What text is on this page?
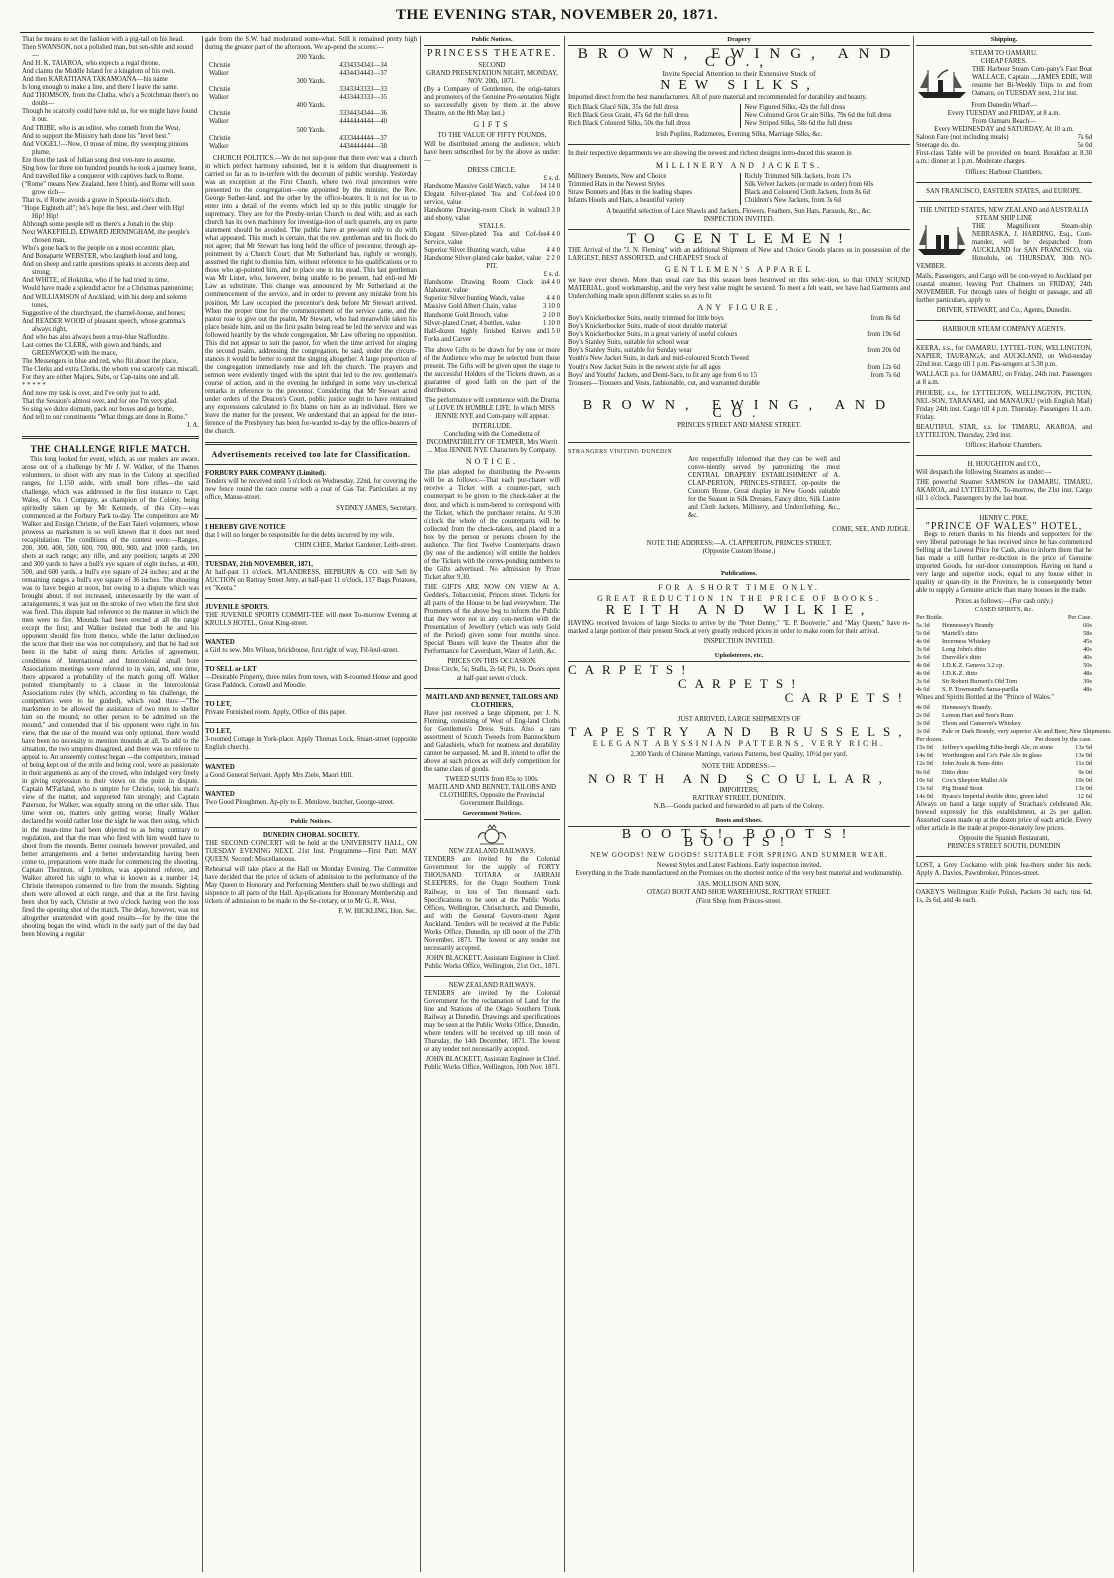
THE EVENING STAR, NOVEMBER 20, 1871.

That he means to set the fashion with a pig-tail on his head.

Then SWANSON, not a polished man, but sen-sible and sound—

And H. K. TAIAROA, who expects a regal throne,

And claims the Middle Island for a kingdom of his own.

And then KARAITIANA TAKAMOANA—his name

Is long enough to make a line, and there I leave the same.

And THOMSON, from the Clutha, who's a Scotchman there's no doubt—

Though he scarcely could have told us, for we might have found it out.

And TRIBE, who is an editor, who cometh from the West,

And to support the Ministry hath done his "level best."

And VOGEL!—Now, O muse of mine, thy sweeping pinions plume,

Ere thou the task of Julian song dost ven-ture to assume.

Sing how for three ton hundred pounds he took a journey home,

And travelled like a conqueror with captives back to Rome.

("Rome" means New Zealand, here I hint), and Rome will soon grow rich—

That is, if Rome avoids a grave in Specula-tion's ditch.

"Hope Eighteth all"; let's hope the best, and cheer with Hip! Hip! Hip!

Although some people tell us there's a Jonah in the ship

Next WAKEFIELD, EDWARD JERNINGHAM, the people's chosen man,

Who's gone back to the people on a most eccentric plan,

And Bonaparte WEBSTER, who laugheth loud and long,

And on sheep and cattle questions speaks in accents deep and strong;

And WHITE, of Hokitika, who if he had tried in time,

Would have made a splendid actor for a Christmas pantomime;

And WILLIAMSON of Auckland, with his deep and solemn tones,

Suggestive of the churchyard, the charnel-house, and bones;

And READER WOOD of pleasant speech, whose gramma's always right,

And who has also always been a true-blue Stafforditе.

Last comes the CLERK, with gown and bands, and GREENWOOD with the mace,

The Messengers in blue and red, who flit about the place,

The Clerks and extra Clerks, the whom you scarcely can miscall,

For they are either Majors, Subs, or Cap-tains one and all.

* * * * *

And now my task is over, and I've only just to add,

That the Session's almost over, and for one I'm very glad.

So sing we dulce domum, pack our boxes and go home,

And tell to our constituents "What things are done in Rome."

J. A.

THE CHALLENGE RIFLE MATCH.

This long looked for event, which, as our readers are aware, arose out of a challenge by Mr J. W. Walker, of the Thames volunteers, to shoot with any man in the Colony at specified ranges, for L150 aside, with small bore rifles—the said challenge, which was addressed in the first instance to Capt. Wales, of No. 1 Company, as champion of the Colony, being spiritedly taken up by Mr Kennedy, of this City—was commenced at the Forbury Park to-day. The competitors are Mr Walker and Ensign Christie, of the East Taieri volunteers, whose prowess as marksmen is so well known that it does not need recapitulation. The conditions of the contest were:—Ranges, 200, 300, 400, 500, 600, 700, 800, 900, and 1000 yards, ten shots at each range; any rifle, and any position; targets at 200 and 300 yards to have a bull's eye square of eight inches, at 400, 500, and 600 yards, a bull's eye square of 24 inches; and at the remaining ranges a bull's eye square of 36 inches. The shooting was to have begun at noon, but owing to a dispute which was brought about, if not increased, unnecessarily by the want of arrangements, it was just on the stroke of two when the first shot was fired. This dispute had reference to the manner in which the men were to fire. Mounds had been erected at all the range except the first; and Walker insisted that both he and his opponent should fire from thence, while the latter declined,on the score that their use was not compulsory, and that he had not been in the habit of using them. Articles of agreement, conditions of International and Intercolonial small bore Associations meetings were referred to in vain, and, one time, there appeared a probability of the match going off. Walker pointed triumphantly to a clause in the Intercolonial Associations rules (by which, according to his challenge, the competitors were to be guided), which read thus:—"The marksmen to be allowed the assistance of two men to shelter him on the mound; no other person to be admitted on the mound," and contended that if his opponent were right in his view, that the use of the mound was only optional, there would have been no necessity to mention mounds at all. To add to the situation, the two umpires disagreed, and there was no referee to appeal to. An unseemly contest began —the competitors, instead of being kept out of the strife and being cool, were as passionate in their arguments as any of the crowd, who indulged very freely in giving expression to their views on the point in dispute. Captain M'Farland, who is umpire for Christie, took his man's view of the matter, and supported him strongly; and Captain Paterson, for Walker, was equally strong on the other side. Thus time went on, matters only getting worse; finally Walker declared he would rather lose the sight he was then using, which in the mean-time had been objected to as being contrary to regulation, and that the man who fired with him would have to shoot from the mounds. Better counsels however prevailed, and better arrangements and a better understanding having been come to, preparations were made for commencing the shooting. Captain Thornton, of Lyttelton, was appointed referee, and Walker altered his sight to what is known as a number 14; Christie thereupon consented to fire from the mounds. Sighting shots were allowed at each range, and that at the first having been shot by each, Christie at two o'clock having won the toss fired the opening shot of the match. The delay, however, was not altogether unattended with good results—for by the time the shooting began the wind, which in the early part of the day had been blowing a regular

gale from the S.W. had moderated some-what. Still it remained pretty high during the greater part of the afternoon. We ap-pend the scores:—

200 Yards.
Christie	4334334343—34
Walker	4434434443—37
300 Yards.
Christie	3343343333—33
Walker	4433443333—35
400 Yards.
Christie	3334434344—36
Walker	4444444444—40
500 Yards.
Christie	4333444444—37
Walker	4434444444—38

CHURCH POLITICS.—We do not sup-pose that there ever was a church in which perfect harmony subsisted, but it is seldom that disagreement is carried so far as to in-terfere with the decorum of public worship. Yesterday was an exception at the First Church, where two rival precentors were presented to the congregation—one appointed by the minister, the Rev. George Suther-land, and the other by the office-bearers. It is not for us to enter into a detail of the events which led up to this public struggle for supremacy. They are for the Presby-terian Church to deal with; and as each church has its own machinery for investiga-tion of such quarrels, any ex parte statement should be avoided. The public have at pre-sent only to do with what appeared. This much is certain, that the rev. gentleman and his flock do not agree; that Mr Stewart has long held the office of precentor, through ap-pointment by a Church Court; that Mr Sutherland has, rightly or wrongly, assumed the right to dismiss him, without reference to his qualifications or to those who ap-pointed him, and to place one in his stead. This last gentleman was Mr Lister, who, however, being unable to be present, had enli-ted Mr Law as substitute. This change was announced by Mr Sutherland at the commencement of the service, and in order to prevent any mistake from his position, Mr Law occupied the precentor's desk before Mr Stewart arrived. When the proper time for the commencement of the service came, and the pastor rose to give out the psalm, Mr Stewart, who had meanwhile taken his place beside him, and on the first psalm being read he led the service and was followed heartily by the whole congregation, Mr Law offering no opposition. This did not appear to suit the pastor, for when the time arrived for singing the second psalm, addressing the congregation, he said, under the circum-stances it would be better to omit the singing altogether. A large proportion of the congregation immediately rose and left the church. The prayers and sermon were evidently tinged with the spirit that led to the rev. gentleman's course of action, and in the evening he indulged in some very un-clerical remarks in reference to the precentor. Considering that Mr Stewart acted under orders of the Deacon's Court, public justice ought to have restrained any expressions calculated to fix blame on him as an individual. Here we leave the matter for the present. We understand that an appeal for the inter-ference of the Presbytery has been for-warded to-day by the office-bearers of the church.

Advertisements received too late for Classification.
FORBURY PARK COMPANY (Limited).

Tenders will be received until 5 o'clock on Wednesday, 22nd, for covering the new fence round the race course with a coat of Gas Tar. Particulars at my office, Manse-street.

SYDNEY JAMES, Secretary.

I HEREBY GIVE NOTICE

that I will no longer be responsible for the debts incurred by my wife.

CHIN CHEE, Market Gardener, Leith-street.

TUESDAY, 21th NOVEMBER, 1871,

At half-past 11 o'clock. M'LANDRESS, HEPBURN & CO. will Sell by AUCTION on Rattray Street Jetty, at half-past 11 o'clock, 117 Bags Potatoes, ex "Keera."

JUVENILE SPORTS.

THE JUVENILE SPORTS COMMIT-TEE will meet To-morrow Evening at KRULLS HOTEL, Great King-street.

WANTED

a Girl to sew. Mrs Wilson, brickhouse, first right of way, Fil-leul-street.

TO SELL or LET

—Desirable Property, three miles from town, with 8-roomed House and good Grass Paddock. Connell and Moodie.

TO LET,

Private Furnished room. Apply, Office of this paper.

TO LET,

3-roomed Cottage in York-place. Apply Thomas Lock, Stuart-street (opposite English church).

WANTED

a Good General Servant. Apply Mrs Ziele, Maori Hill.

WANTED

Two Good Ploughmen. Ap-ply to E. Menlove, butcher, George-street.

Public Notices.
DUNEDIN CHORAL SOCIETY.

THE SECOND CONCERT will be held at the UNIVERSITY HALL, ON TUESDAY EVENING NEXT, 21st Inst. Programme—First Part: MAY QUEEN. Second: Miscellaneous.

Rehearsal will take place at the Hall on Monday Evening. The Committee have decided that the price of tickets of admission to the performance of the May Queen to Honorary and Performing Members shall be two shillings and sixpence to all parts of the Hall. Ap-plications for Honorary Membership and tickets of admission to be made to the Se-cretary, or to Mr G. R. West.

F. W. HICKLING, Hon. Sec.

Public Notices.
PRINCESS THEATRE.
SECOND
GRAND PRESENTATION NIGHT, MONDAY, NOV. 20th, 1871.

(By a Company of Gentlemen, the origi-nators and promoters of the Genuine Pre-sentation Night so successfully given by them at the above Theatre, on the 8th May last.)

GIFTS
TO THE VALUE OF FIFTY POUNDS,

Will be distributed among the audience, which have been subscribed for by the above as under:—

DRESS CIRCLE.
£ s. d.
Handsome Massive Gold Watch, value 14 14 0
Elegant Silver-plated Tea and Cof-fee service, value
4 10 0
Handsome Drawing-room Clock in walnut and ebony, value
3 3 0
STALLS.
Elegant Silver-plated Tea and Cof-fee Service, value
4 4 0
Superior Silver Hunting watch, value	4 4 0
Handsome Silver-plated cake basket, value 2 2 0
PIT.
£ s. d.
Handsome Drawing Room Clock in Alabaster, value
4 4 0
Superior Silver hunting Watch, value	4 4 0
Massive Gold Albert Chain, value	3 10 0
Handsome Gold Brooch, value	2 10 0
Silver-plated Cruet, 4 bottles, value	1 10 0
Half-dozen highly finished Knives and Forks and Carver
1 5 0

The above Gifts to be drawn for by one or more of the Audience who may be selected from those present. The Gifts will be given upon the stage to the successful Holders of the Tickets drawn, as a guarantee of good faith on the part of the distributors.

The performance will commence with the Drama of LOVE IN HUMBLE LIFE. In which MISS JENNIE NYE and Com-pany will appear.

INTERLUDE.

Concluding with the Comedietta of INCOMPATIBILITY OF TEMPER, Mrs Worrit ... Miss JENNIE NYE Characters by Company.

NOTICE.

The plan adopted for distributing the Pre-sents will be as follows:—That each pur-chaser will receive a Ticket with a counter-part, such counterpart to be given to the check-taker at the door, and which is num-bered to correspond with the Ticket, which the purchaser retains. At 9.30 o'clock the whole of the counterparts will be collected from the check-takers, and placed in a box by the person or persons chosen by the audience. The first Twelve Counterparts drawn (by one of the audience) will entitle the holders of the Tickets with the corres-ponding numbers to the Gifts advertised. No admission by Prize Ticket after 9.30.

THE GIFTS ARE NOW ON VIEW At A. Geddes's, Tobacconist, Princes street. Tickets for all parts of the House to be had everywhere. The Promoters of the above beg to inform the Public that they were not in any con-nection with the Presentation of Jewellery (which was only Gold of the Period) given some four months since. Special 'Buses will leave the Theatre after the Performance for Caversham, Water of Leith, &c.

PRICES ON THIS OCCASION.

Dress Circle, 5s; Stalls, 2s 6d; Pit, 1s. Doors open at half-past seven o'clock.

MAITLAND AND BENNET, TAILORS AND CLOTHIERS,

Have just received a large shipment, per J. N. Fleming, consisting of West of Eng-land Cloths for Gentlemen's Dress Suits. Also a rare assortment of Scotch Tweeds from Bannockburn and Galashiels, which for neatness and durability cannot be surpassed. M. and B. intend to offer the above at such prices as will defy competition for the same class of goods.

TWEED SUITS from 85s to 100s.

MAITLAND AND BENNET, TAILORS AND CLOTHIERS, Opposite the Provincial Government Buildings.

Government Notices.
NEW ZEALAND RAILWAYS.

TENDERS are invited by the Colonial Government for the supply of FORTY THOUSAND TOTARA or JARRAH SLEEPERS, for the Otago Southern Trunk Railway, in lots of Ten thousand each. Specifications to be seen at the Public Works Offices, Wellington, Christchurch, and Dunedin, and with the General Govern-ment Agent Auckland. Tenders will be received at the Public Works Office, Dunedin, up till noon of the 27th November, 1871. The lowest or any tender not necessarily accepted.

JOHN BLACKETT, Assistant Engineer in Chief. Public Works Office, Wellington, 21st Oct., 1871.

NEW ZEALAND RAILWAYS.

TENDERS are invited by the Colonial Government for the reclamation of Land for the line and Stations of the Otago Southern Trunk Railway at Dunedin. Drawings and specifications may be seen at the Public Works Office, Dunedin, where tenders will be received up till noon of Thursday, the 14th December, 1871. The lowest or any tender not necessarily accepted.

JOHN BLACKETT, Assistant Engineer in Chief. Public Works Office, Wellington, 10th Nov. 1871.

Drapery
BROWN, EWING, AND CO.,
Invite Special Attention to their Extensive Stock of
NEW SILKS,

Imported direct from the best manufacturers. All of pure material and recommended for durability and beauty.

Rich Black Glacé Silk, 35s the full dress
Rich Black Gros Grain, 47s 6d the full dress
Rich Black Coloured Silks, 50s the full dress
New Figured Silks, 42s the full dress
New Coloured Gros Gr ain Silks, 79s 6d the full dress
New Striped Silks, 58s 6d the full dress
Irish Poplins, Radzmeres, Evening Silks, Marriage Silks, &c.

In their respective departments we are showing the newest and richest designs intro-duced this season in

MILLINERY AND JACKETS.
Millinery Bonnets, New and Choice
Trimmed Hats in the Newest Styles
Straw Bonnets and Hats in the leading shapes
Infants Hoods and Hats, a beautiful variety
Richly Trimmed Silk Jackets, from 17s
Silk Velvet Jackets (or made to order) from 60s
Black and Coloured Cloth Jackets, from 8s 6d
Children's New Jackets, from 3s 6d
A beautiful selection of Lace Shawls and Jackets, Flowers, Feathers, Sun Hats, Parasols, &c., &c.
INSPECTION INVITED.
TO GENTLEMEN!

THE Arrival of the "J. N. Fleming" with an additional Shipment of New and Choice Goods places us in possession of the LARGEST, BEST ASSORTED, and CHEAPEST Stock of

GENTLEMEN'S APPAREL

we have ever shown. More than usual care has this season been bestowed on this selec-tion, so that ONLY SOUND MATERIAL, good workmanship, and the very best value might be secured. To meet a felt want, we have had Garments and Underclothing made upon different scales so as to fit

ANY FIGURE.
Boy's Knickerbocker Suits, neatly trimmed for little boys	from 8s 6d
Boy's Knickerbocker Suits, made of stout durable material
Boy's Knickerbocker Suits, in a great variety of useful colours	from 19s 6d
Boy's Stanley Suits, suitable for school wear
Boy's Stanley Suits, suitable for Sunday wear	from 20s 0d
Youth's New Jacket Suits, in dark and mid-coloured Scotch Tweed
Youth's New Jacket Suits in the newest style for all ages	from 12s 6d
Boys' and Youths' Jackets, and Demi-Sacs, to fit any age from 6 to 15	from 7s 6d
Trousers—Trousers and Vests, fashionable, cut, and warranted durable
BROWN, EWING, AND CO.
PRINCES STREET AND MANSE STREET.
STRANGERS VISITING DUNEDIN

Are respectfully informed that they can be well and conve-niently served by patronizing the most CENTRAL DRAPERY ESTABLISHMENT of A. CLAP-PERTON, PRINCES-STREET, op-posite the Custom House. Great display in New Goods suitable for the Season in Silk Dresses, Fancy ditto, Silk Lustre and Cloth Jackets, Millinery, and Underclothing, &c., &c.

COME, SEE, AND JUDGE.
NOTE THE ADDRESS:—A. CLAPPERTON, PRINCES STREET,
(Opposite Custom House.)
Publications.
FOR A SHORT TIME ONLY.
GREAT REDUCTION IN THE PRICE OF BOOKS.
REITH AND WILKIE,

HAVING received Invoices of large Stocks to arrive by the "Peter Denny," "E. P. Bouverie," and "May Queen," have re-marked a large portion of their present Stock at very greatly reduced prices in order to make room for their arrival.

INSPECTION INVITED.
Upholsterers, etc.
CARPETS!
CARPETS!
CARPETS!
JUST ARRIVED, LARGE SHIPMENTS OF
TAPESTRY AND BRUSSELS,
ELEGANT ABYSSINIAN PATTERNS, VERY RICH.
2,300 Yards of Chinese Mattings, various Patterns, best Quality, 10½d per yard.
NOTE THE ADDRESS:—
NORTH AND SCOULLAR,
IMPORTERS,
RATTRAY STREET, DUNEDIN.
N.B.—Goods packed and forwarded to all parts of the Colony.
Boots and Shoes.
BOOTS! BOOTS! BOOTS!
NEW GOODS! NEW GOODS! SUITABLE FOR SPRING AND SUMMER WEAR.
Newest Styles and Latest Fashions. Early inspection invited.
Everything in the Trade manufactured on the Premises on the shortest notice of the very best material and workmanship.
JAS. MOLLISON AND SON,
OTAGO BOOT AND SHOE WAREHOUSE, RATTRAY STREET.
(First Shop from Princes-street.
Shipping.
STEAM TO OAMARU.
CHEAP FARES.

THE Harbour Steam Com-pany's Fast Boat WALLACE, Captain ....JAMES EDIE, Will resume her Bi-Weekly Trips to and from Oamaru, on TUESDAY next, 21st inst.

From Dunedin Wharf—
Every TUESDAY and FRIDAY, at 8 a.m.
From Oamaru Beach—
Every WEDNESDAY and SATURDAY, At 10 a.m.
Saloon Fare (not including meals)	7s 6d
Steerage do. do.	5s 0d

First-class Table will be provided on board. Breakfast at 8.30 a.m.: dinner at 1 p.m. Moderate charges.

Offices: Harbour Chambers.
SAN FRANCISCO, EASTERN STATES, and EUROPE.
THE UNITED STATES, NEW ZEALAND and AUSTRALIA STEAM SHIP LINE

THE Magnificent Steam-ship NEBRASKA, J. HARDING, Esq., Com-mander, will be despatched from AUCKLAND for SAN FRANCISCO, via Honolulu, on THURSDAY, 30th NO-VEMBER.

Mails, Passengers, and Cargo will be con-veyed to Auckland per coastal steamer, leaving Port Chalmers on FRIDAY, 24th NOVEMBER. For through rates of freight or passage, and all further particulars, apply to

DRIVER, STEWART, and Co., Agents, Dunedin.
HARBOUR STEAM COMPANY AGENTS.

KEERA, s.s., for OAMARU, LYTTEL-TON, WELLINGTON, NAPIER, TAURANGA, and AUCKLAND, on Wed-nesday 22nd inst. Cargo till 1 p.m. Pas-sengers at 5.30 p.m.

WALLACE p.s. for OAMARU, on Friday, 24th inst. Passengers at 8 a.m.

PHOEBE, s.s., for LYTTELTON, WELLINGTON, PICTON, NEL-SON, TARANAKI, and MANAUKU (with English Mail) Friday 24th inst. Cargo till 4 p.m. Thursday. Passengers 11 a.m. Friday.

BEAUTIFUL STAR, s.s. for TIMARU, AKAROA, and LYTTELTON, Thursday, 23rd inst.

Offices: Harbour Chambers.
H. HOUGHTON and CO.,

Will despatch the following Steamers as under:—

THE powerful Steamer SAMSON for OAMARU, TIMARU, AKAROA, and LYTTELTON, To-morrow, the 21st inst. Cargo till 1 o'clock. Passengers by the last boat.

HENRY C. PIKE,
"PRINCE OF WALES" HOTEL,

Begs to return thanks to his friends and supporters for the very liberal patronage he has received since he has commenced Selling at the Lowest Price for Cash, also to inform them that he has made a still further re-duction in the price of Genuine imported Goods, for out-door consumption. Having on hand a very large and superior stock, equal to any house either in quality or quan-tity in the Province, he is consequently better able to supply a Genuine article than many houses in the trade.

Prices as follows:—(For cash only.)
CASED SPIRITS, &c.
Per Bottle.	Per Case.
5s 3d	Hennessey's Brandy	60s
5s 0d	Martell's ditto	58s
4s 0d	Inverness Whiskey	45s
3s 6d	Long John's ditto	40s
3s 6d	Dunville's ditto	40s
4s 0d	J.D.K.Z. Geneva 3.2 cp.	50s
4s 0d	J.D.K.Z. ditto	48s
3s 6d	Sir Robert Burnett's Old Tom	39s
4s 6d	S. P. Townsend's Sarsa-parilla	48s

Wines and Spirits Bottled at the "Prince of Wales."

4s 0d	Hennessy's Brandy.
2s 0d	Lemon Hart and Son's Rum
3s 0d	Thom and Cameron's Whiskey
3s 0d	Pale or Dark Brandy, very superior Ale and Beer, New Shipments.
Per dozen.	Per dozen by the case.
15s 0d	Jeffrey's sparkling Edin-burgh Ale, in stone	13s 6d
14s 0d	Worthington and Co's Pale Ale in glass	13s 0d
12s 0d	John Joule & Sons ditto	11s 0d
9s 6d	Ditto ditto	9s 0d
10s 6d	Cox's Shepton Mallet Ale	10s 0d
13s 6d	Pig Brand Stout	13s 0d
14s 0d	Byass's Imperial double ditto, green label	12 6d

Always on hand a large supply of Strachan's celebrated Ale, brewed expressly for this establishment, at 2s per gallon. Assorted cases made up at the dozen price of each article. Every other article in the trade at propor-tionately low prices.

Opposite the Spanish Restaurant,
PRINCES STREET SOUTH, DUNEDIN

LOST, a Grey Cockatoo with pink fea-thers under his neck. Apply A. Davies, Pawnbroker, Princes-street.

OAKEY'S Wellington Knife Polish, Packets 3d each; tins 6d, 1s, 2s 6d, and 4s each.
